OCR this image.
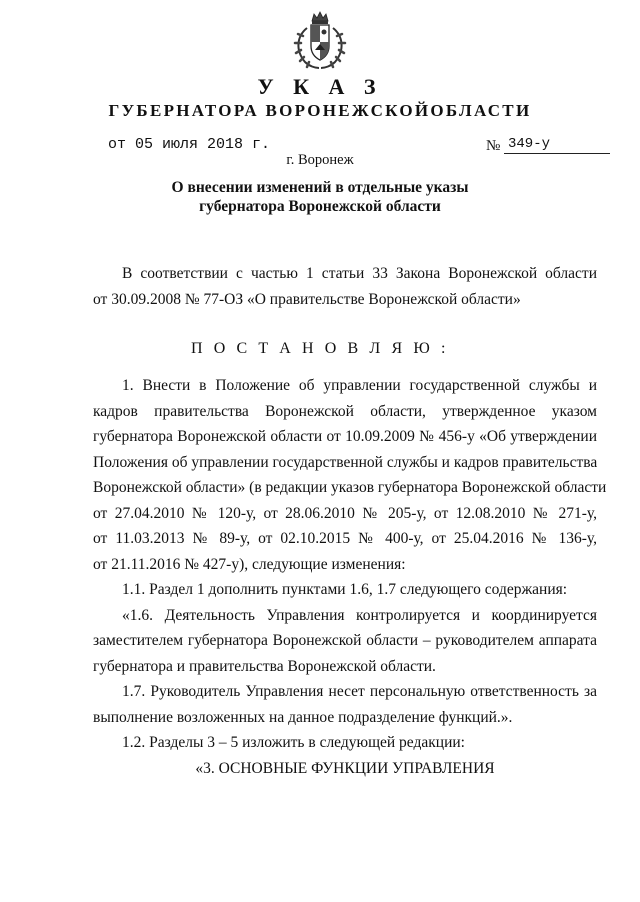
У К А З
ГУБЕРНАТОРА ВОРОНЕЖСКОЙОБЛАСТИ
от 05 июля 2018 г.	№ 349-у
г. Воронеж
О внесении изменений в отдельные указы
губернатора Воронежской области
В соответствии с частью 1 статьи 33 Закона Воронежской области
от 30.09.2008 № 77-ОЗ «О правительстве Воронежской области»
П О С Т А Н О В Л Я Ю :
1. Внести в Положение об управлении государственной службы и
кадров правительства Воронежской области, утвержденное указом
губернатора Воронежской области от 10.09.2009 № 456-у «Об утверждении
Положения об управлении государственной службы и кадров правительства
Воронежской области» (в редакции указов губернатора Воронежской области
от 27.04.2010 № 120-у, от 28.06.2010 № 205-у, от 12.08.2010 № 271-у,
от 11.03.2013 № 89-у, от 02.10.2015 № 400-у, от 25.04.2016 № 136-у,
от 21.11.2016 № 427-у), следующие изменения:
1.1. Раздел 1 дополнить пунктами 1.6, 1.7 следующего содержания:
«1.6. Деятельность Управления контролируется и координируется
заместителем губернатора Воронежской области – руководителем аппарата
губернатора и правительства Воронежской области.
1.7. Руководитель Управления несет персональную ответственность за
выполнение возложенных на данное подразделение функций.».
1.2. Разделы 3 – 5 изложить в следующей редакции:
«3. ОСНОВНЫЕ ФУНКЦИИ УПРАВЛЕНИЯ
